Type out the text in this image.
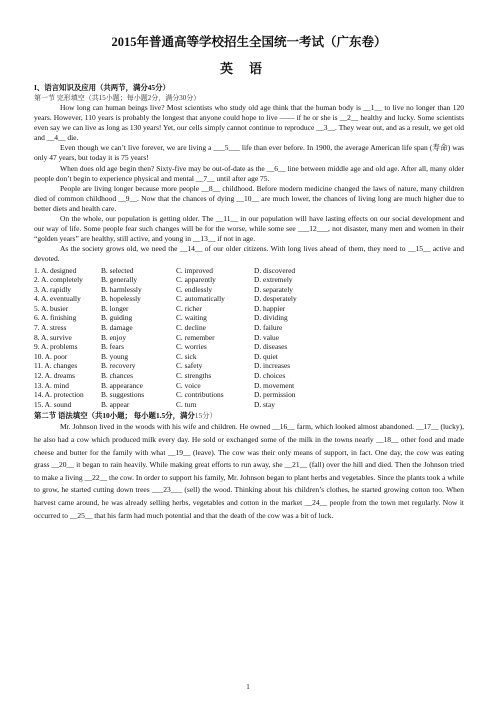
2015年普通高等学校招生全国统一考试（广东卷）
英语
I、语言知识及应用（共两节，满分45分）
第一节 完形填空（共15小题；每小题2分，满分30分）

How long can human beings live? Most scientists who study old age think that the human body is __1__ to live no longer than 120 years. However, 110 years is probably the longest that anyone could hope to live —— if he or she is __2__ healthy and lucky. Some scientists even say we can live as long as 130 years! Yet, our cells simply cannot continue to reproduce __3__. They wear out, and as a result, we get old and __4__ die.

Even though we can’t live forever, we are living a ___5___ life than ever before. In 1900, the average American life span (寿命) was only 47 years, but today it is 75 years!

When does old age begin then? Sixty-five may be out-of-date as the __6__ line between middle age and old age. After all, many older people don’t begin to experience physical and mental __7__ until after age 75.

People are living longer because more people __8__ childhood. Before modern medicine changed the laws of nature, many children died of common childhood __9__. Now that the chances of dying __10__ are much lower, the chances of living long are much higher due to better diets and health care.

On the whole, our population is getting older. The __11__ in our population will have lasting effects on our social development and our way of life. Some people fear such changes will be for the worse, while some see ___12___, not disaster, many men and women in their “golden years” are healthy, still active, and young in __13__ if not in age.

As the society grows old, we need the __14__ of our older citizens. With long lives ahead of them, they need to __15__ active and devoted.

1. A. designed	B. selected	C. improved	D. discovered
2. A. completely	B. generally	C. apparently	D. extremely
3. A. rapidly	B. harmlessly	C. endlessly	D. separately
4. A. eventually	B. hopelessly	C. automatically	D. desperately
5. A. busier	B. longer	C. richer	D. happier
6. A. finishing	B. guiding	C. waiting	D. dividing
7. A. stress	B. damage	C. decline	D. failure
8. A. survive	B. enjoy	C. remember	D. value
9. A. problems	B. fears	C. worries	D. diseases
10. A. poor	B. young	C. sick	D. quiet
11. A. changes	B. recovery	C. safety	D. increases
12. A. dreams	B. chances	C. strengths	D. choices
13. A. mind	B. appearance	C. voice	D. movement
14. A. protection	B. suggestions	C. contributions	D. permission
15. A. sound	B. appear	C. turn	D. stay
第二节 语法填空（共10小题； 每小题1.5分，满分15分）

Mr. Johnson lived in the woods with his wife and children. He owned __16__ farm, which looked almost abandoned. __17__ (lucky), he also had a cow which produced milk every day. He sold or exchanged some of the milk in the towns nearly __18__ other food and made cheese and butter for the family with what __19__ (leave). The cow was their only means of support, in fact. One day, the cow was eating grass __20__ it began to rain heavily. While making great efforts to run away, she __21__ (fall) over the hill and died. Then the Johnson tried to make a living __22__ the cow. In order to support his family, Mr. Johnson began to plant herbs and vegetables. Since the plants took a while to grow, he started cutting down trees ___23___ (sell) the wood. Thinking about his children’s clothes, he started growing cotton too. When harvest came around, he was already selling herbs, vegetables and cotton in the market __24__ people from the town met regularly. Now it occurred to __25__ that his farm had much potential and that the death of the cow was a bit of luck.

1
